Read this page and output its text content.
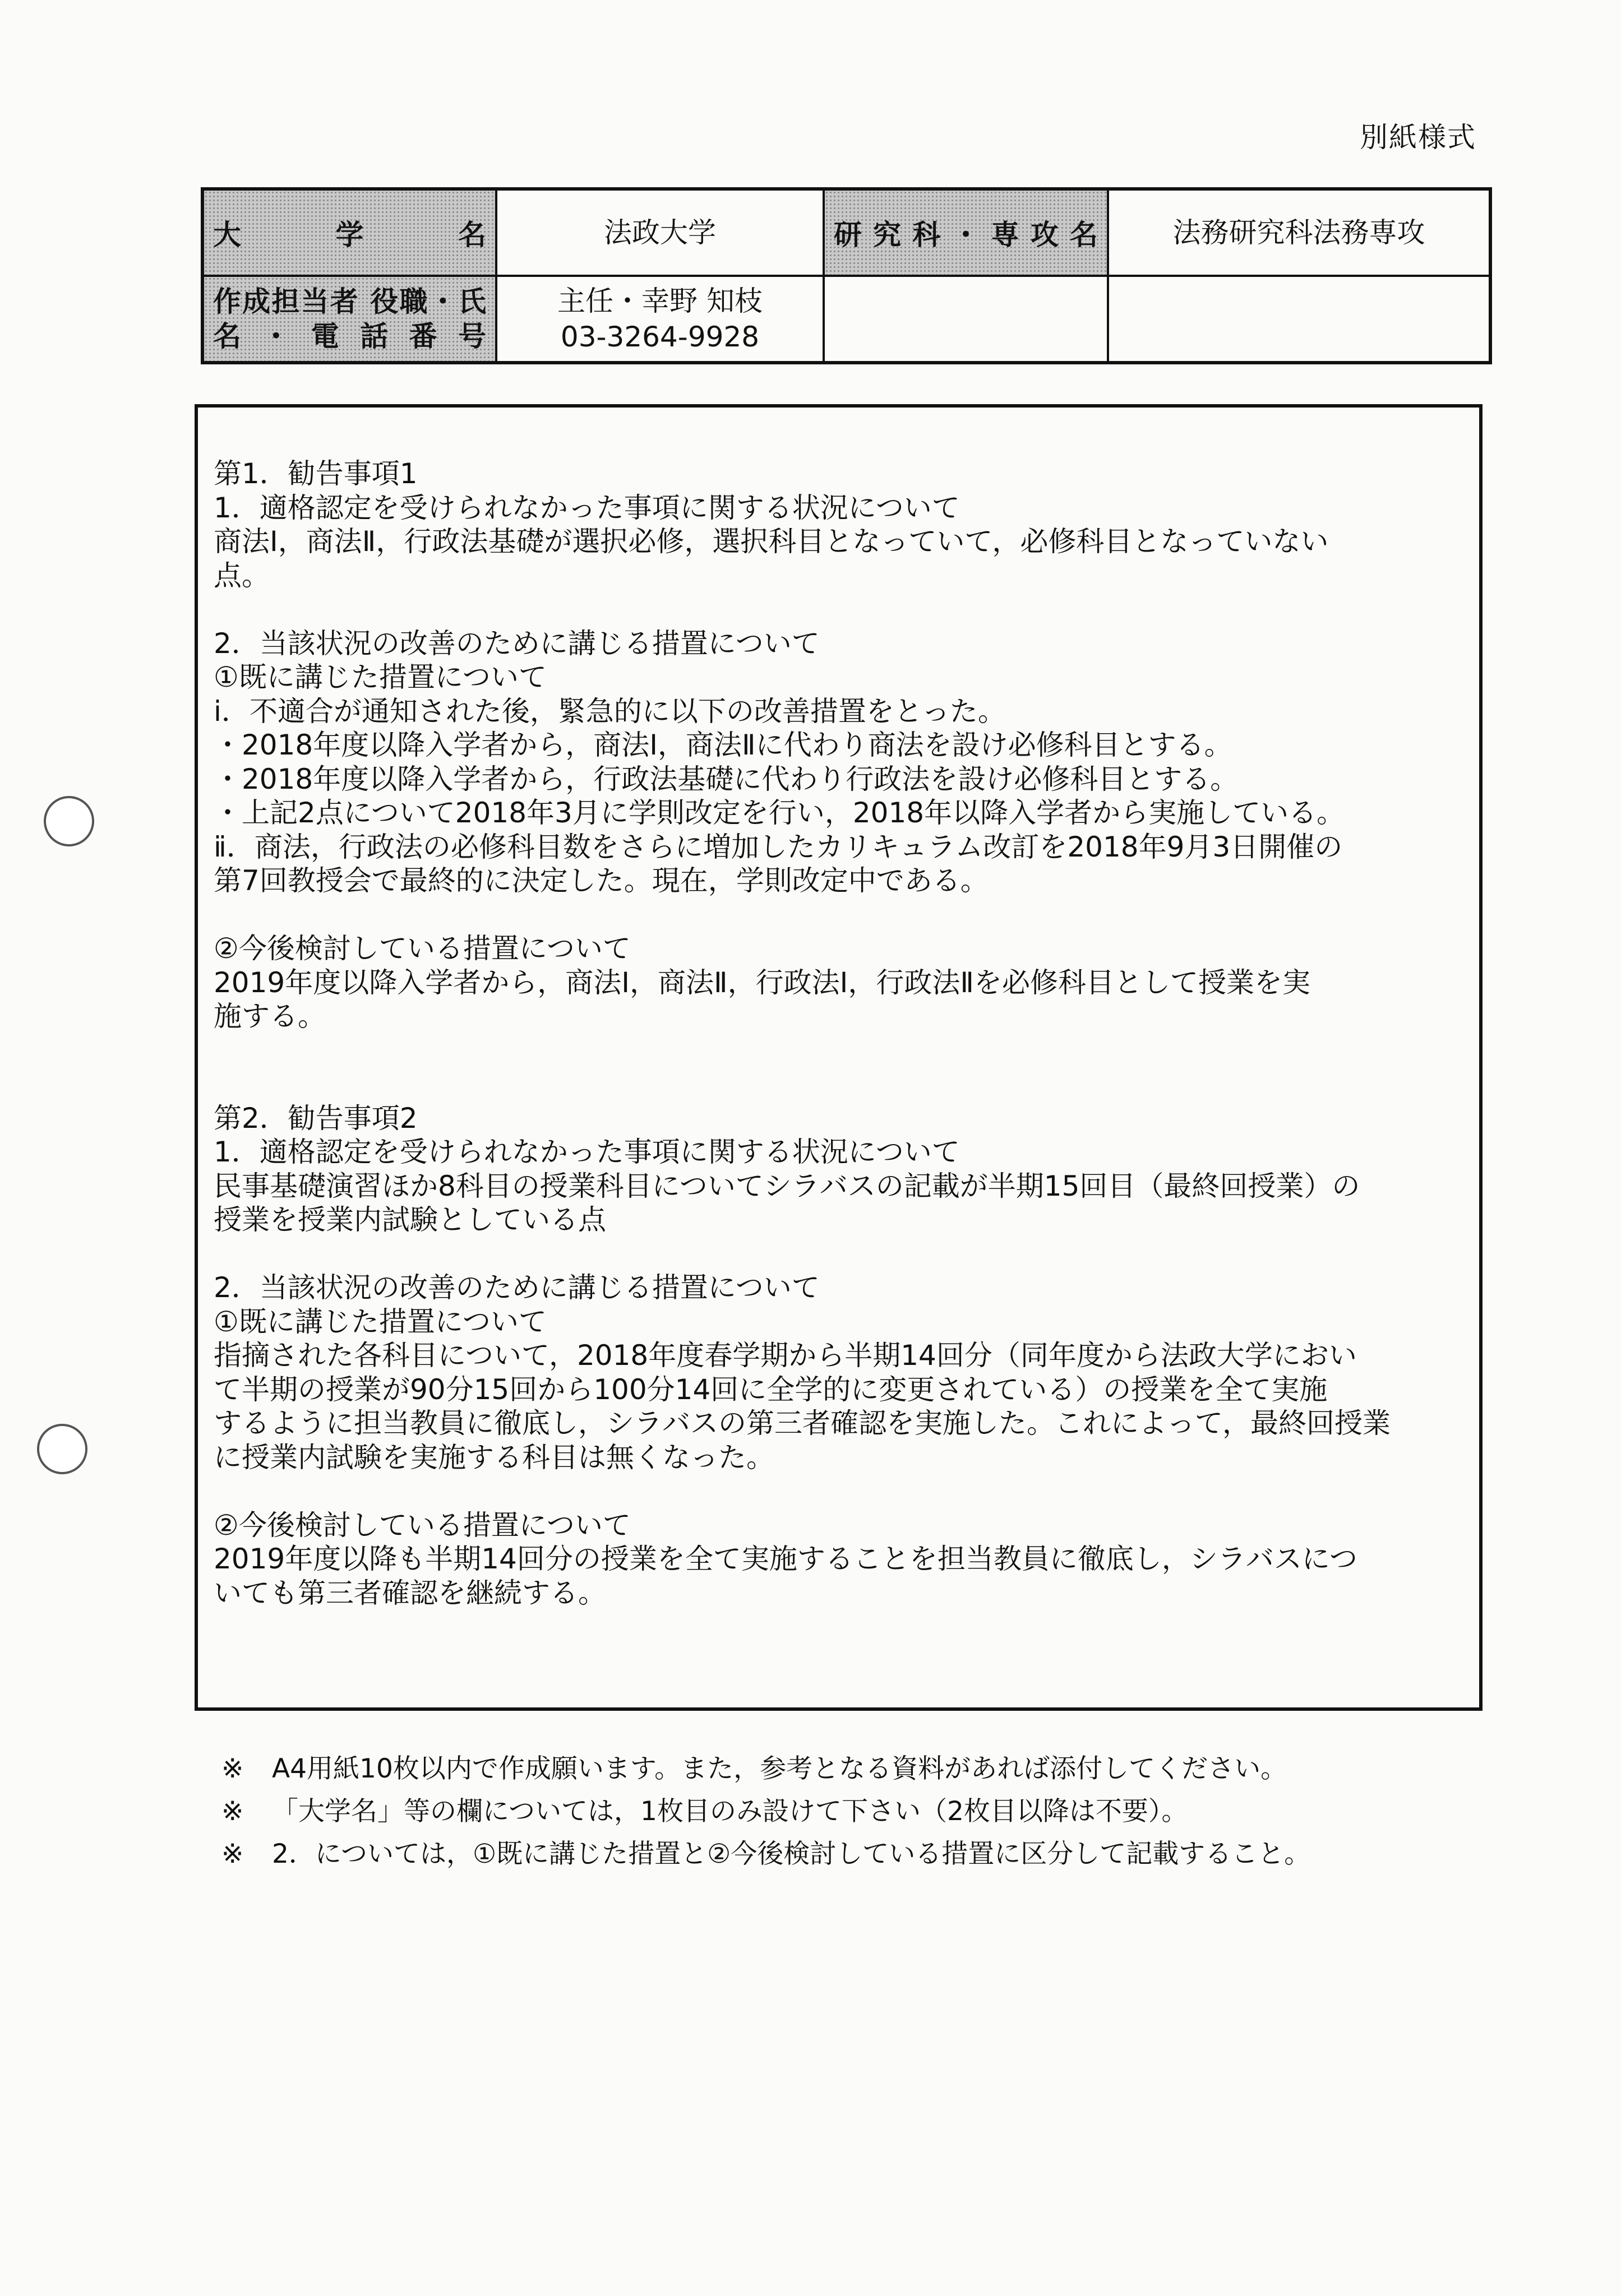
別紙様式
大学名	法政大学	研究科・専攻名	法務研究科法務専攻

作成担当者 役職・氏
名・電話番号	主任・幸野 知枝
03-3264-9928		

第1．勧告事項1

1．適格認定を受けられなかった事項に関する状況について

商法Ⅰ，商法Ⅱ，行政法基礎が選択必修，選択科目となっていて，必修科目となっていない

点。

2．当該状況の改善のために講じる措置について

①既に講じた措置について

ⅰ．不適合が通知された後，緊急的に以下の改善措置をとった。

・2018年度以降入学者から，商法Ⅰ，商法Ⅱに代わり商法を設け必修科目とする。

・2018年度以降入学者から，行政法基礎に代わり行政法を設け必修科目とする。

・上記2点について2018年3月に学則改定を行い，2018年以降入学者から実施している。

ⅱ．商法，行政法の必修科目数をさらに増加したカリキュラム改訂を2018年9月3日開催の

第7回教授会で最終的に決定した。現在，学則改定中である。

②今後検討している措置について

2019年度以降入学者から，商法Ⅰ，商法Ⅱ，行政法Ⅰ，行政法Ⅱを必修科目として授業を実

施する。

第2．勧告事項2

1．適格認定を受けられなかった事項に関する状況について

民事基礎演習ほか8科目の授業科目についてシラバスの記載が半期15回目（最終回授業）の

授業を授業内試験としている点

2．当該状況の改善のために講じる措置について

①既に講じた措置について

指摘された各科目について，2018年度春学期から半期14回分（同年度から法政大学におい

て半期の授業が90分15回から100分14回に全学的に変更されている）の授業を全て実施

するように担当教員に徹底し，シラバスの第三者確認を実施した。これによって，最終回授業

に授業内試験を実施する科目は無くなった。

②今後検討している措置について

2019年度以降も半期14回分の授業を全て実施することを担当教員に徹底し，シラバスにつ

いても第三者確認を継続する。

※ A4用紙10枚以内で作成願います。また，参考となる資料があれば添付してください。
※ 「大学名」等の欄については，1枚目のみ設けて下さい（2枚目以降は不要）。
※ 2．については，①既に講じた措置と②今後検討している措置に区分して記載すること。
